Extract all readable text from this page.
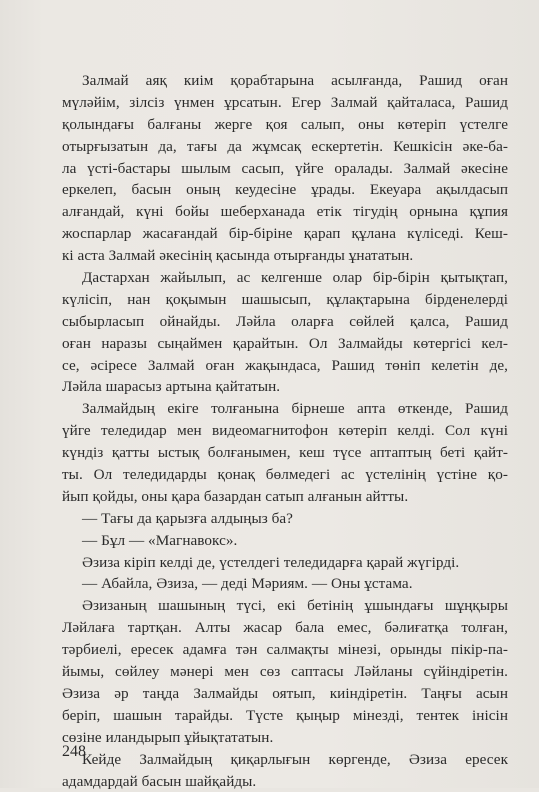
Залмай аяқ киім қорабтарына асылғанда, Рашид оған
мүләйім, зілсіз үнмен ұрсатын. Егер Залмай қайталаса, Рашид
қолындағы балғаны жерге қоя салып, оны көтеріп үстелге
отырғызатын да, тағы да жұмсақ ескертетін. Кешкісін әке-ба-
ла үсті-бастары шылым сасып, үйге оралады. Залмай әкесіне
еркелеп, басын оның кеудесіне ұрады. Екеуара ақылдасып
алғандай, күні бойы шеберханада етік тігудің орнына құпия
жоспарлар жасағандай бір-біріне қарап құлана күліседі. Кеш-
кі аста Залмай әкесінің қасында отырғанды ұнататын.
Дастархан жайылып, ас келгенше олар бір-бірін қытықтап,
күлісіп, нан қоқымын шашысып, құлақтарына бірденелерді
сыбырласып ойнайды. Ләйла оларға сөйлей қалса, Рашид
оған наразы сыңаймен қарайтын. Ол Залмайды көтергісі кел-
се, әсіресе Залмай оған жақындаса, Рашид төніп келетін де,
Ләйла шарасыз артына қайтатын.
Залмайдың екіге толғанына бірнеше апта өткенде, Рашид
үйге теледидар мен видеомагнитофон көтеріп келді. Сол күні
күндіз қатты ыстық болғанымен, кеш түсе аптаптың беті қайт-
ты. Ол теледидарды қонақ бөлмедегі ас үстелінің үстіне қо-
йып қойды, оны қара базардан сатып алғанын айтты.
— Тағы да қарызға алдыңыз ба?
— Бұл — «Магнавокс».
Әзиза кіріп келді де, үстелдегі теледидарға қарай жүгірді.
— Абайла, Әзиза, — деді Мәриям. — Оны ұстама.
Әзизаның шашының түсі, екі бетінің ұшындағы шұңқыры
Ләйлаға тартқан. Алты жасар бала емес, бәлиғатқа толған,
тәрбиелі, ересек адамға тән салмақты мінезі, орынды пікір-па-
йымы, сөйлеу мәнері мен сөз саптасы Ләйланы сүйіндіретін.
Әзиза әр таңда Залмайды оятып, киіндіретін. Таңғы асын
беріп, шашын тарайды. Түсте қыңыр мінезді, тентек інісін
сөзіне иландырып ұйықтататын.
Кейде Залмайдың қиқарлығын көргенде, Әзиза ересек
адамдардай басын шайқайды.
248
